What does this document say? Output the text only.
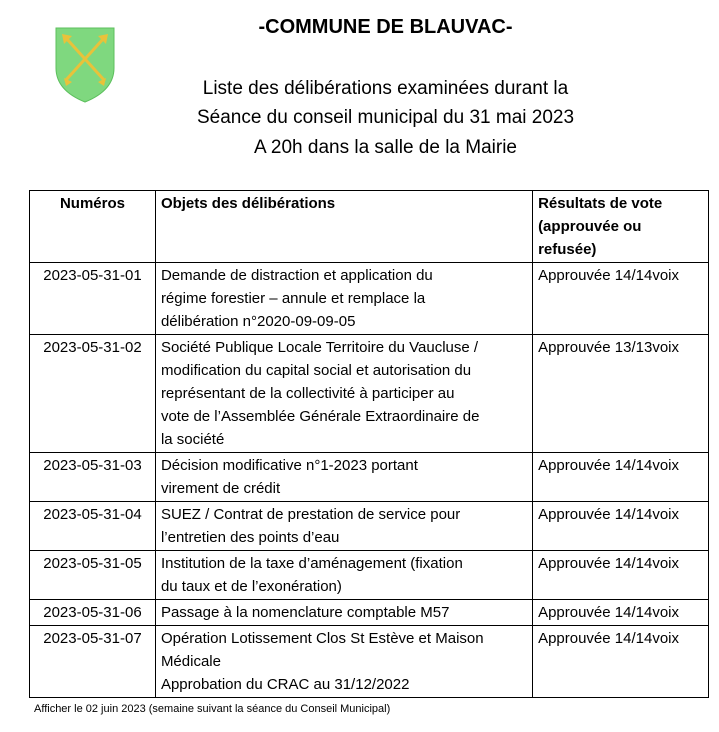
-COMMUNE DE BLAUVAC-
Liste des délibérations examinées durant la
Séance du conseil municipal du 31 mai 2023
A 20h dans la salle de la Mairie
Numéros	Objets des délibérations	Résultats de vote
(approuvée ou
refusée)

2023-05-31-01	Demande de distraction et application du
régime forestier – annule et remplace la
délibération n°2020-09-09-05	Approuvée 14/14voix
2023-05-31-02	Société Publique Locale Territoire du Vaucluse /
modification du capital social et autorisation du
représentant de la collectivité à participer au
vote de l’Assemblée Générale Extraordinaire de
la société	Approuvée 13/13voix
2023-05-31-03	Décision modificative n°1-2023 portant
virement de crédit	Approuvée 14/14voix
2023-05-31-04	SUEZ / Contrat de prestation de service pour
l’entretien des points d’eau	Approuvée 14/14voix
2023-05-31-05	Institution de la taxe d’aménagement (fixation
du taux et de l’exonération)	Approuvée 14/14voix
2023-05-31-06	Passage à la nomenclature comptable M57	Approuvée 14/14voix
2023-05-31-07	Opération Lotissement Clos St Estève et Maison
Médicale
Approbation du CRAC au 31/12/2022	Approuvée 14/14voix
Afficher le 02 juin 2023 (semaine suivant la séance du Conseil Municipal)
